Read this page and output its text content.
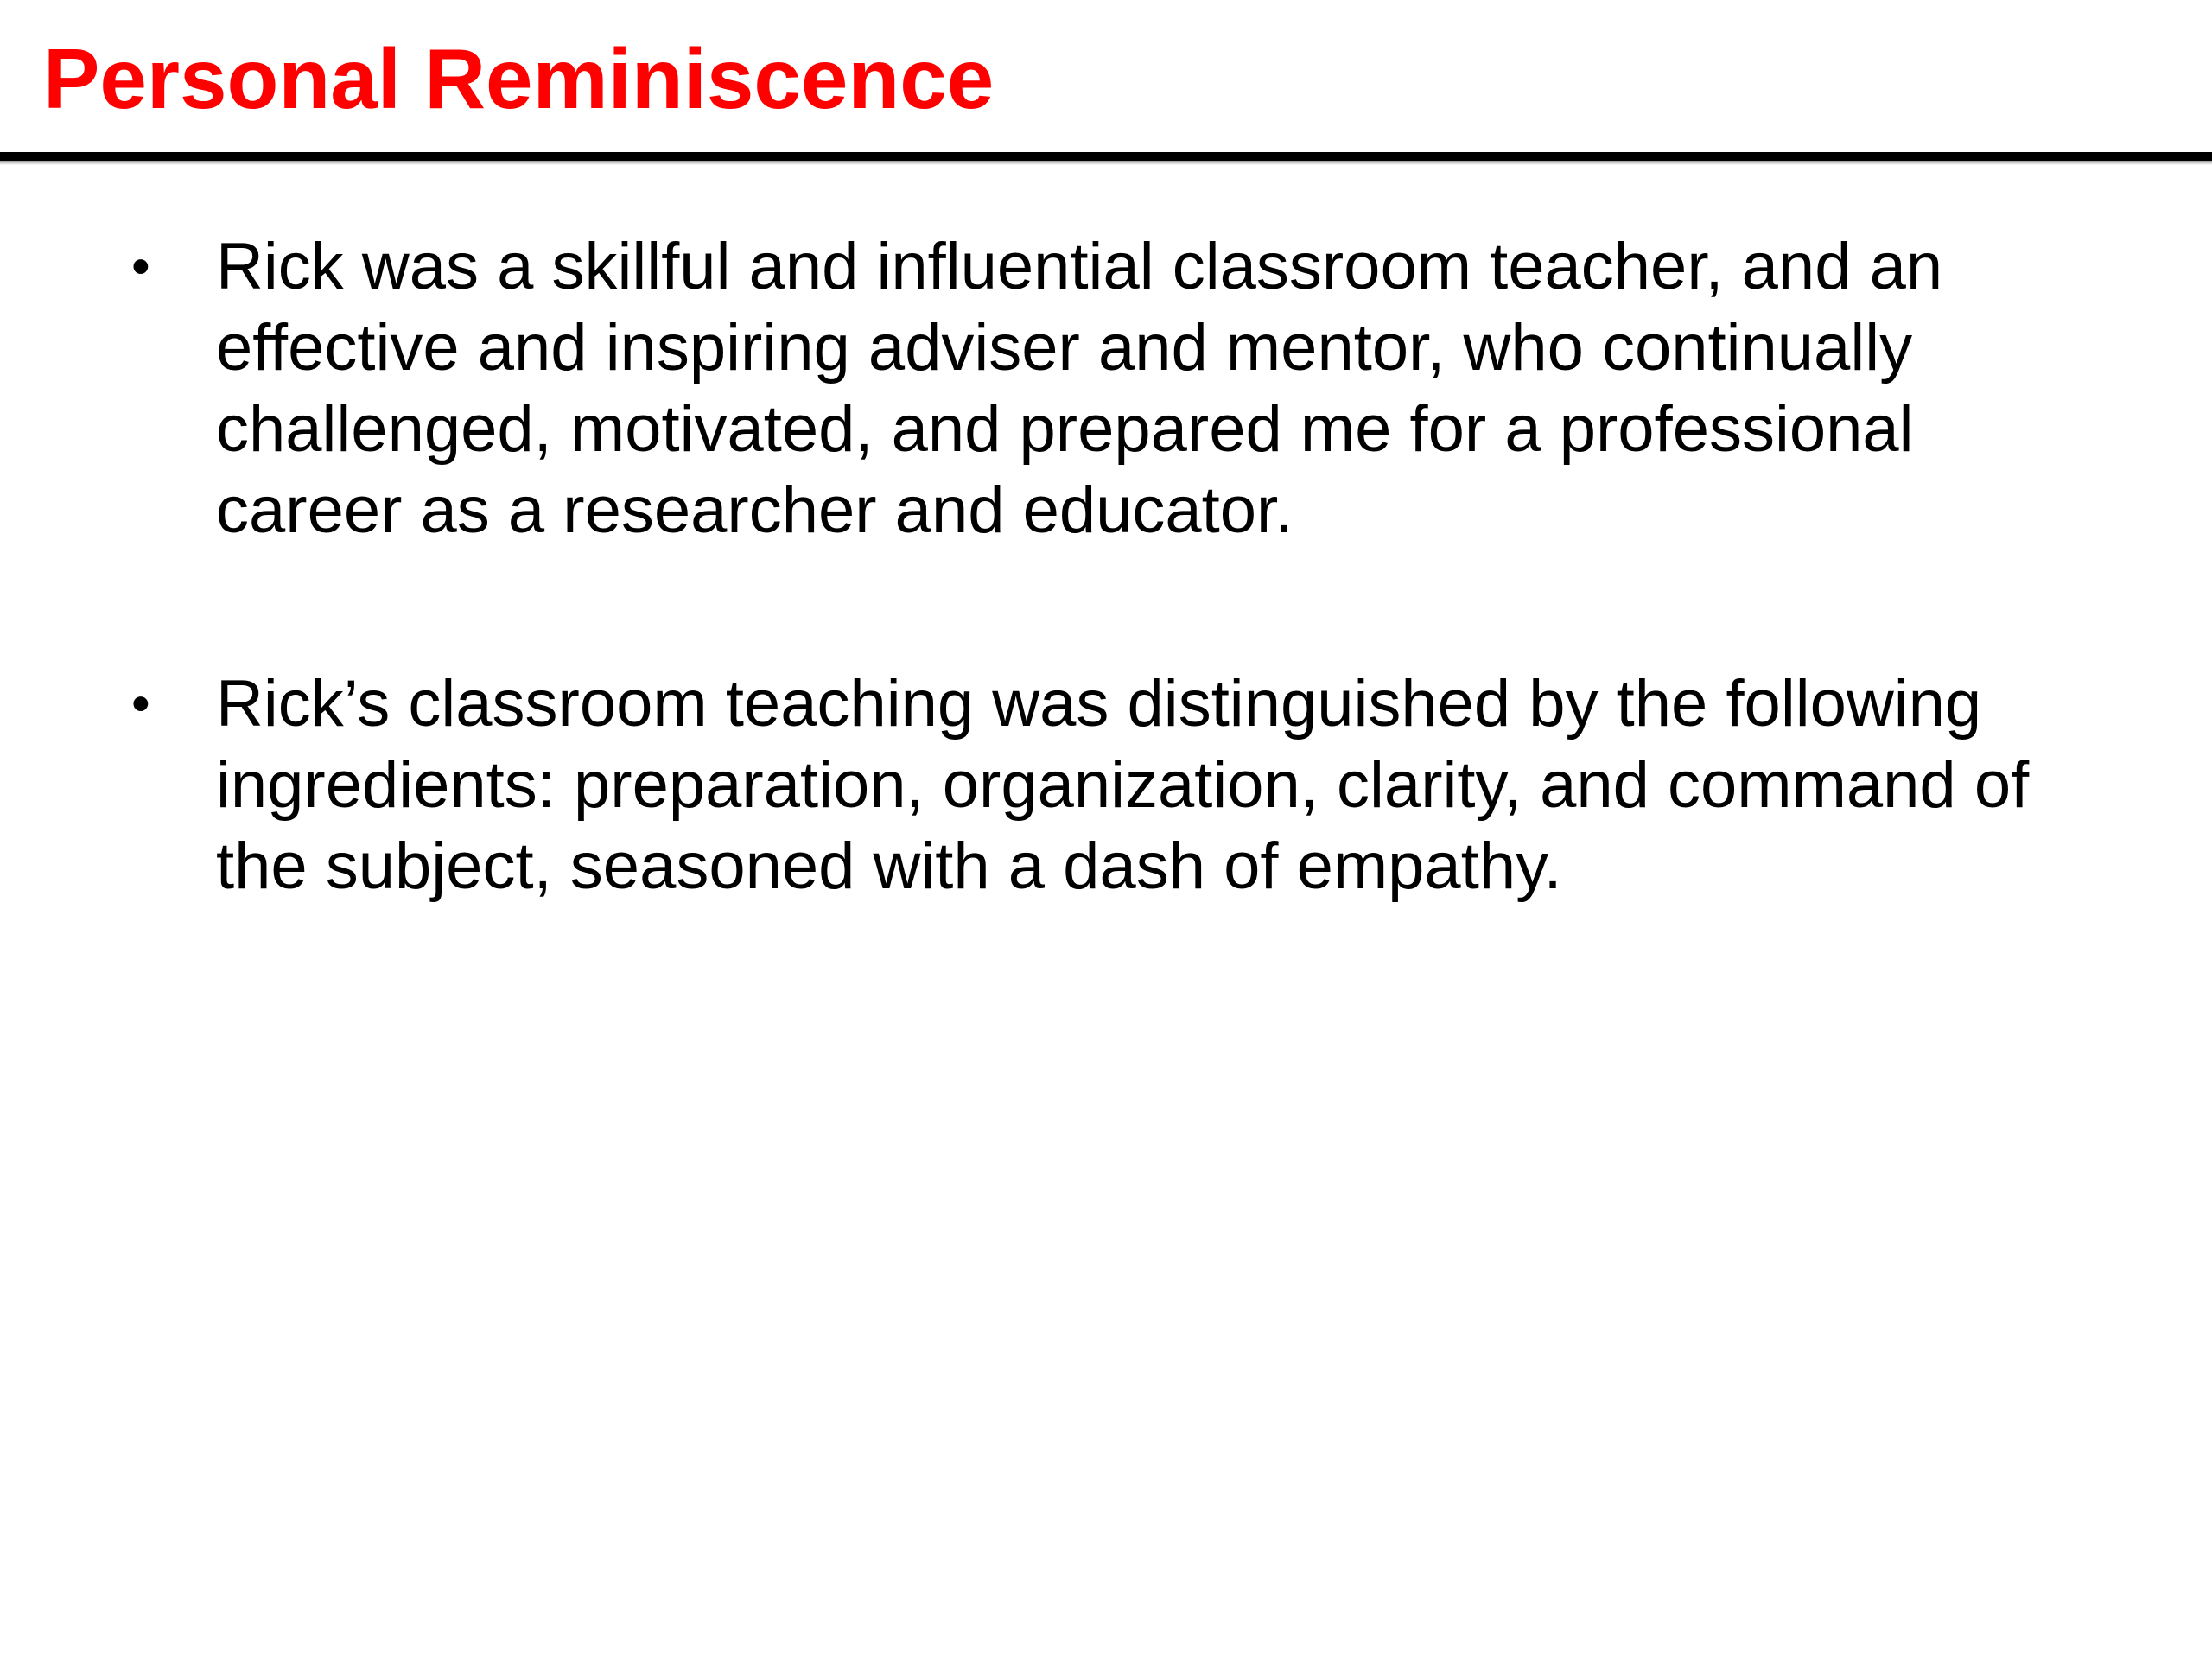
Personal Reminiscence
• Rick was a skillful and influential classroom teacher, and an effective and inspiring adviser and mentor, who continually challenged, motivated, and prepared me for a professional career as a researcher and educator.
• Rick’s classroom teaching was distinguished by the following ingredients: preparation, organization, clarity, and command of the subject, seasoned with a dash of empathy.
